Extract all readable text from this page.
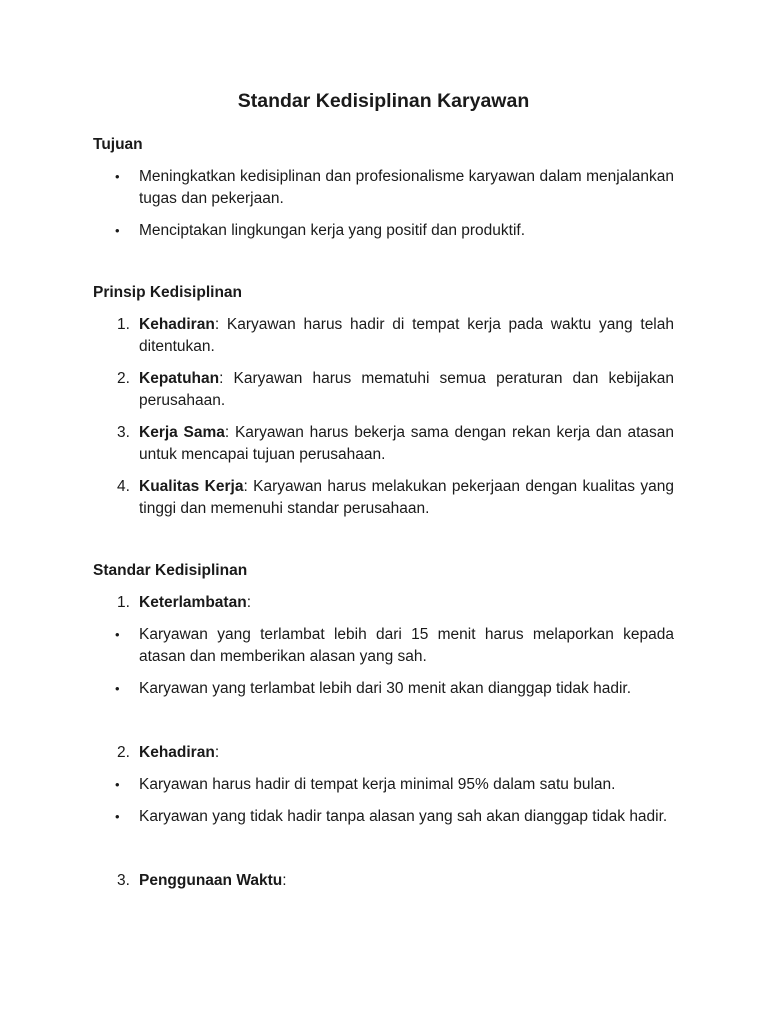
Standar Kedisiplinan Karyawan
Tujuan
•	Meningkatkan kedisiplinan dan profesionalisme karyawan dalam menjalankan tugas dan pekerjaan.
•	Menciptakan lingkungan kerja yang positif dan produktif.
Prinsip Kedisiplinan
1. Kehadiran: Karyawan harus hadir di tempat kerja pada waktu yang telah ditentukan.
2. Kepatuhan: Karyawan harus mematuhi semua peraturan dan kebijakan perusahaan.
3. Kerja Sama: Karyawan harus bekerja sama dengan rekan kerja dan atasan untuk mencapai tujuan perusahaan.
4. Kualitas Kerja: Karyawan harus melakukan pekerjaan dengan kualitas yang tinggi dan memenuhi standar perusahaan.
Standar Kedisiplinan
1. Keterlambatan:
•	Karyawan yang terlambat lebih dari 15 menit harus melaporkan kepada atasan dan memberikan alasan yang sah.
•	Karyawan yang terlambat lebih dari 30 menit akan dianggap tidak hadir.
2. Kehadiran:
•	Karyawan harus hadir di tempat kerja minimal 95% dalam satu bulan.
•	Karyawan yang tidak hadir tanpa alasan yang sah akan dianggap tidak hadir.
3. Penggunaan Waktu:
